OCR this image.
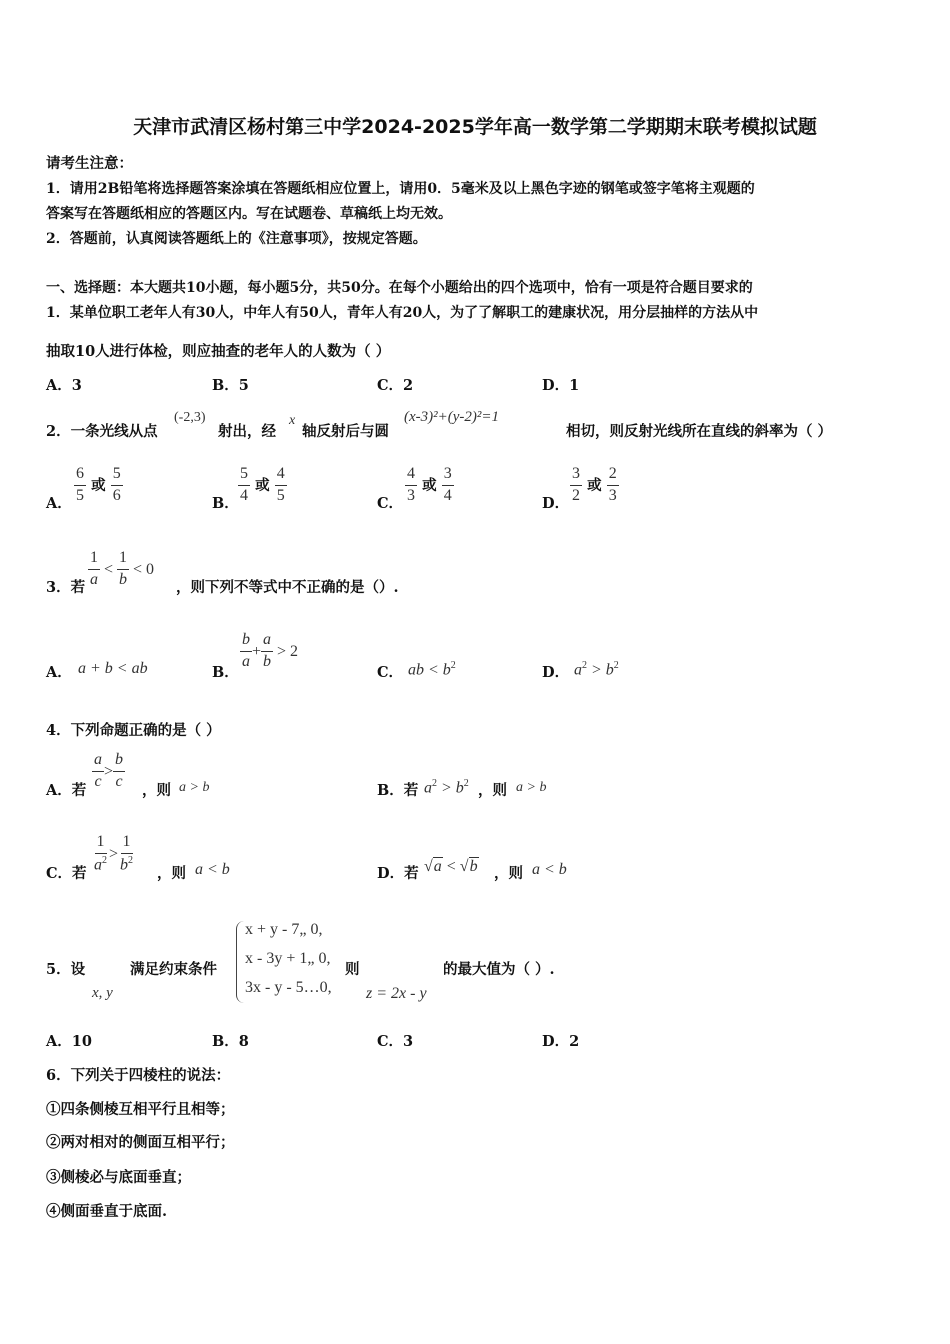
天津市武清区杨村第三中学2024-2025学年高一数学第二学期期末联考模拟试题
请考生注意：
1．请用2B铅笔将选择题答案涂填在答题纸相应位置上，请用0．5毫米及以上黑色字迹的钢笔或签字笔将主观题的
答案写在答题纸相应的答题区内。写在试题卷、草稿纸上均无效。
2．答题前，认真阅读答题纸上的《注意事项》，按规定答题。
一、选择题：本大题共10小题，每小题5分，共50分。在每个小题给出的四个选项中，恰有一项是符合题目要求的
1．某单位职工老年人有30人，中年人有50人，青年人有20人，为了了解职工的建康状况，用分层抽样的方法从中
抽取10人进行体检，则应抽查的老年人的人数为（ ）
A．3	B．5	C．2	D．1
2．一条光线从点
(-2,3)
射出，经
x
轴反射后与圆
(x-3)²+(y-2)²=1
相切，则反射光线所在直线的斜率为（ ）
A． $\frac{6}{5}$ 或 $\frac{5}{6}$	B． $\frac{5}{4}$ 或 $\frac{4}{5}$	C． $\frac{4}{3}$ 或 $\frac{3}{4}$	D． $\frac{3}{2}$ 或 $\frac{2}{3}$
3．若 $\frac{1}{a} < \frac{1}{b} < 0$
，则下列不等式中不正确的是（）.
A． a + b < ab	B．
$\frac{b}{a} + \frac{a}{b} > 2$
C． ab < $b^2$	D． $a^2 > b^2$
4．下列命题正确的是（ ）
A．若 $\frac{a}{c} > \frac{b}{c}$ ，则 a > b	B．若 $a^2 > b^2$ ，则 a > b
C．若 $\frac{1}{a^2} > \frac{1}{b^2}$ ，则 a < b	D．若 √a < √b ，则 a < b
5．设
x, y
满足约束条件
x + y - 7„ 0,
x - 3y + 1„ 0,
3x - y - 5…0,
则
z = 2x - y
的最大值为（ ）.
A．10	B．8	C．3	D．2
6．下列关于四棱柱的说法：
①四条侧棱互相平行且相等；
②两对相对的侧面互相平行；
③侧棱必与底面垂直；
④侧面垂直于底面.
